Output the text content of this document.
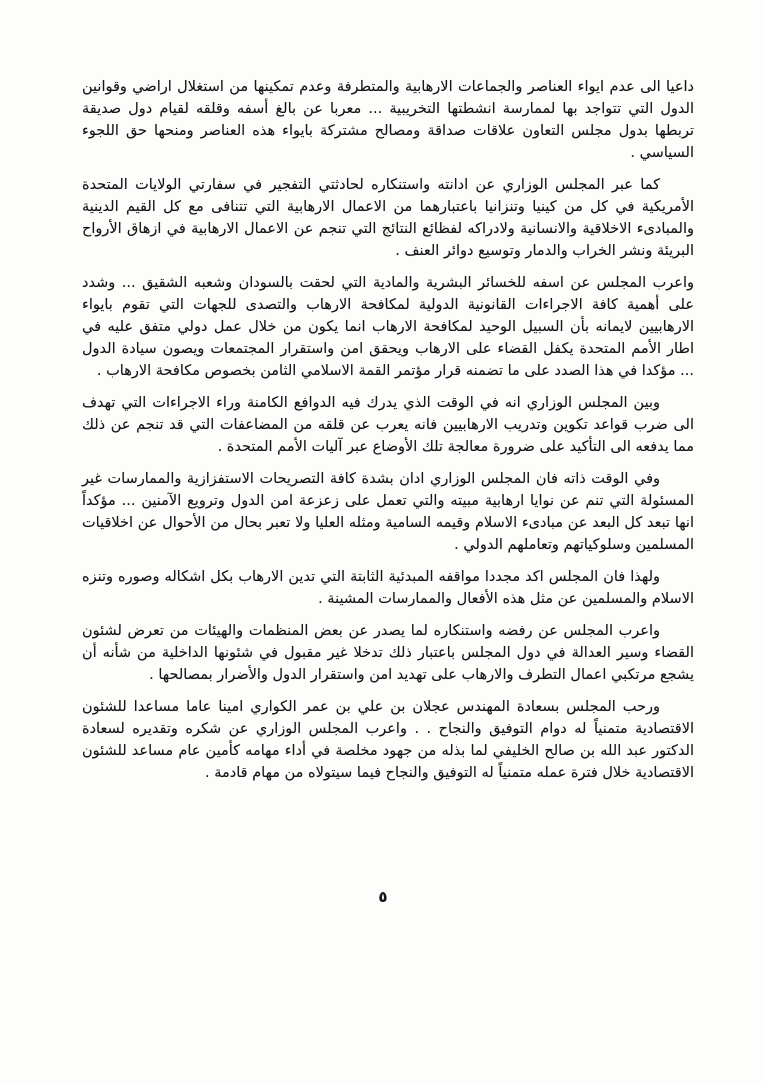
داعيا الى عدم ايواء العناصر والجماعات الارهابية والمتطرفة وعدم تمكينها من استغلال اراضي وقوانين الدول التي تتواجد بها لممارسة انشطتها التخريبية ... معربا عن بالغ أسفه وقلقه لقيام دول صديقة تربطها بدول مجلس التعاون علاقات صداقة ومصالح مشتركة بايواء هذه العناصر ومنحها حق اللجوء السياسي .

كما عبر المجلس الوزاري عن ادانته واستنكاره لحادثتي التفجير في سفارتي الولايات المتحدة الأمريكية في كل من كينيا وتنزانيا باعتبارهما من الاعمال الارهابية التي تتنافى مع كل القيم الدينية والمبادىء الاخلاقية والانسانية ولادراكه لفظائع النتائج التي تنجم عن الاعمال الارهابية في ازهاق الأرواح البريئة ونشر الخراب والدمار وتوسيع دوائر العنف .

واعرب المجلس عن اسفه للخسائر البشرية والمادية التي لحقت بالسودان وشعبه الشقيق ... وشدد على أهمية كافة الاجراءات القانونية الدولية لمكافحة الارهاب والتصدى للجهات التي تقوم بايواء الارهابيين لايمانه بأن السبيل الوحيد لمكافحة الارهاب انما يكون من خلال عمل دولي متفق عليه في اطار الأمم المتحدة يكفل القضاء على الارهاب ويحقق امن واستقرار المجتمعات ويصون سيادة الدول ... مؤكدا في هذا الصدد على ما تضمنه قرار مؤتمر القمة الاسلامي الثامن بخصوص مكافحة الارهاب .

وبين المجلس الوزاري انه في الوقت الذي يدرك فيه الدوافع الكامنة وراء الاجراءات التي تهدف الى ضرب قواعد تكوين وتدريب الارهابيين فانه يعرب عن قلقه من المضاعفات التي قد تنجم عن ذلك مما يدفعه الى التأكيد على ضرورة معالجة تلك الأوضاع عبر آليات الأمم المتحدة .

وفي الوقت ذاته فان المجلس الوزاري ادان بشدة كافة التصريحات الاستفزازية والممارسات غير المسئولة التي تنم عن نوايا ارهابية مبيته والتي تعمل على زعزعة امن الدول وترويع الآمنين ... مؤكداً انها تبعد كل البعد عن مبادىء الاسلام وقيمه السامية ومثله العليا ولا تعبر بحال من الأحوال عن اخلاقيات المسلمين وسلوكياتهم وتعاملهم الدولي .

ولهذا فان المجلس اكد مجددا مواقفه المبدئية الثابتة التي تدين الارهاب بكل اشكاله وصوره وتنزه الاسلام والمسلمين عن مثل هذه الأفعال والممارسات المشينة .

واعرب المجلس عن رفضه واستنكاره لما يصدر عن بعض المنظمات والهيئات من تعرض لشئون القضاء وسير العدالة في دول المجلس باعتبار ذلك تدخلا غير مقبول في شئونها الداخلية من شأنه أن يشجع مرتكبي اعمال التطرف والارهاب على تهديد امن واستقرار الدول والأضرار بمصالحها .

ورحب المجلس بسعادة المهندس عجلان بن علي بن عمر الكواري امينا عاما مساعدا للشئون الاقتصادية متمنياً له دوام التوفيق والنجاح . . واعرب المجلس الوزاري عن شكره وتقديره لسعادة الدكتور عبد الله بن صالح الخليفي لما بذله من جهود مخلصة في أداء مهامه كأمين عام مساعد للشئون الاقتصادية خلال فترة عمله متمنياً له التوفيق والنجاح فيما سيتولاه من مهام قادمة .

٥
